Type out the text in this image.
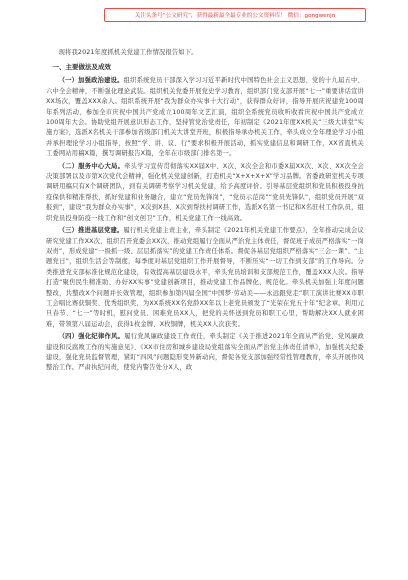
关注头条号“公文研究”，获得最新最全最专业的公文资料库！ 微信：gongwenjn

现将我2021年度抓机关党建工作情况报告如下。

一、主要做法及成效

（一）加强政治建设。组织系统党员干部深入学习习近平新时代中国特色社会主义思想、党的十九届五中、六中全会精神，不断强化理论武装。组织机关党委开展党史学习教育，组织部门党支部开展“七一”重要讲话宣讲XX场次，覆盖XXX余人。组织系统开展“我为群众办实事十大行动”，获得群众好评，指导开展庆祝建党100周年系列活动，参加全市庆祝中国共产党成立100周年文艺汇演，组织全系统党员收听收看庆祝中国共产党成立100周年大会。协助党组开展意识形态工作，坚持管党治党责任，年初制定《2021年度XX机关“三级大讲堂”实施方案》，选派X名机关干部参加省级部门机关大讲堂开班，积极指导承办机关工作，牵头成立全年理论学习小组并承担理论学习小组指导，按照“学、讲、议、行”要求积极开展活动，抓实党建信息和调研工作，XX省直机关工委网站用稿X篇，撰写调研报告X篇，全年在市级部门排名第一。

（二）服务中心大局。牵头学习宣传贯彻落实XX届X中、X次、X次全会和市委X届XX次、X次、XX次全会决策部署以及市第X次党代会精神，强化机关党建创新，打造机关“X+X+X+X”学习品牌。省委政研室机关专项调研用稿只有X个调研团队，到有关调研考察学习机关党建，给予高度评价。引导基层党组织和党员积极投身抗疫保供和精准帮扶，抓好党建和业务融合，建立“党员先锋岗”，“党员示范岗”“党员先锋队”，组织党员开展“双报到”，建设“我为群众办实事”，X次到X县、X次到帮扶村调研工作，选派X名第一书记和X名驻村工作队员，组织党员投身防疫一线工作和“创文创卫”工作，机关党建工作一线高效。

（三）推进基层党建。履行机关党建主责主业，牵头制定《2021年机关党建工作要点》，全年推动完成会议研究党建工作XX次，组织召开党委会XX次，推动党组履行全面从严治党主体责任，督促班子成员严格落实“一岗双责”，形成党建“一级抓一级、层层抓落实”的党建工作责任体系。督促各基层党组织严格落实“三会一课”、“主题党日”，组织生活会等制度，每季度对基层党组织工作开展督导，不断压实“一切工作到支部”的工作导向。分类推进党支部标准化规范化建设，有效提高基层建设水平，牵头党员培训和支部规范工作，覆盖XXX人次。指导打造“聚焦民生精准助、办好XX实事”党建创新项目，推动党建工作品牌化、规范化。牵头机关加强上年度问题整改，共整改X个问题并长效管理，组织参加第四届全国“中国梦·劳动美——永远跟党走”职工演讲比赛XX市职工会唱比赛获铜奖、优秀组织奖，为XX系统XX名党龄XX年以上老党员颁发了“光荣在党五十年”纪念章。利用元旦春节、“七一”等时机，慰问党员、困难党员XX人，把党的关怀送到党员和职工心里，帮助解决XX人就业困难，带领第八届运动会，获得1枚金牌、X枚铜牌，机关XX人次获奖。

（四）强化纪律作风。履行党风廉政建设工作责任，牵头制定《关于推进2021年全面从严治党、党风廉政建设和反腐败工作的实施意见》、《XX市住房和城乡建设局党组落实全面从严治党主体责任清单》，加强机关纪委建设，强化党员监督管理，紧盯“四风”问题隐形变异新动向，督促各党支部加强经常性管理教育，牵头开展作风整治工作。严肃执纪问责，使党内警告处分X人，政
